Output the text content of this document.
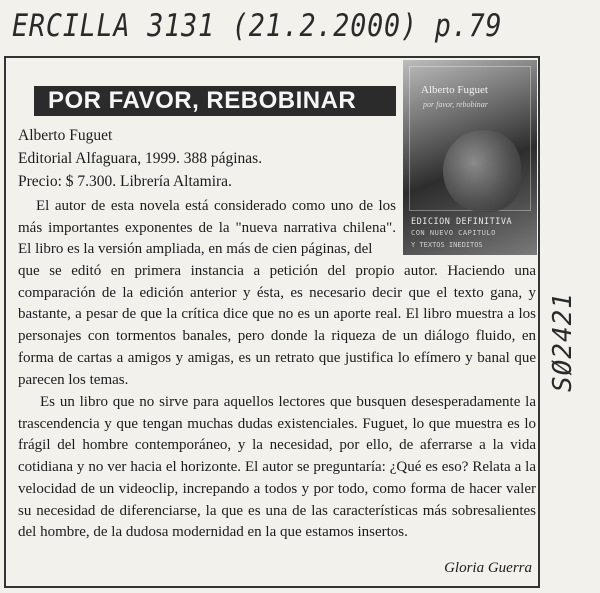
ERCILLA 3131 (21.2.2000) p.79
SØ2421
POR FAVOR, REBOBINAR	Alberto Fuguet
por favor, rebobinar
EDICION DEFINITIVA
CON NUEVO CAPITULO
Y TEXTOS INEDITOS
Alberto Fuguet
Editorial Alfaguara, 1999. 388 páginas.
Precio: $ 7.300. Librería Altamira.

El autor de esta novela está considerado como uno de los más importantes exponentes de la "nueva narrativa chilena". El libro es la versión ampliada, en más de cien páginas, del

que se editó en primera instancia a petición del propio autor. Haciendo una comparación de la edición anterior y ésta, es necesario decir que el texto gana, y bastante, a pesar de que la crítica dice que no es un aporte real. El libro muestra a los personajes con tormentos banales, pero donde la riqueza de un diálogo fluido, en forma de cartas a amigos y amigas, es un retrato que justifica lo efímero y banal que parecen los temas.

Es un libro que no sirve para aquellos lectores que busquen desesperadamente la trascendencia y que tengan muchas dudas existenciales. Fuguet, lo que muestra es lo frágil del hombre contemporáneo, y la necesidad, por ello, de aferrarse a la vida cotidiana y no ver hacia el horizonte. El autor se preguntaría: ¿Qué es eso? Relata a la velocidad de un videoclip, increpando a todos y por todo, como forma de hacer valer su necesidad de diferenciarse, la que es una de las características más sobresalientes del hombre, de la dudosa modernidad en la que estamos insertos.

Gloria Guerra
